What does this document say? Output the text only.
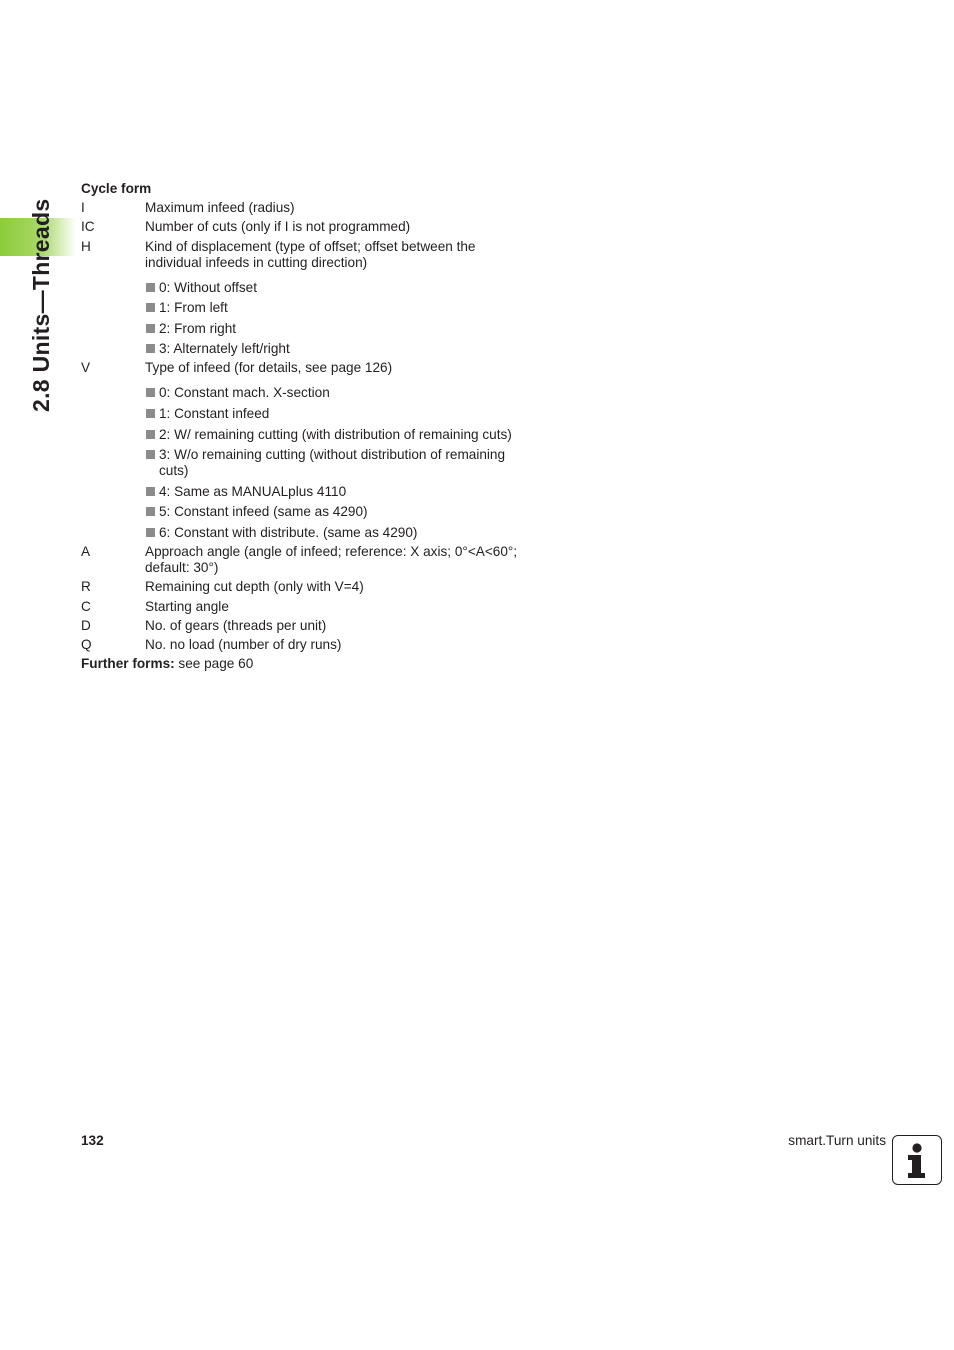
2.8 Units—Threads
Cycle form
I	Maximum infeed (radius)
IC	Number of cuts (only if I is not programmed)
H	Kind of displacement (type of offset; offset between the individual infeeds in cutting direction)
0: Without offset
1: From left
2: From right
3: Alternately left/right
V	Type of infeed (for details, see page 126)
0: Constant mach. X-section
1: Constant infeed
2: W/ remaining cutting (with distribution of remaining cuts)
3: W/o remaining cutting (without distribution of remaining cuts)
4: Same as MANUALplus 4110
5: Constant infeed (same as 4290)
6: Constant with distribute. (same as 4290)
A	Approach angle (angle of infeed; reference: X axis; 0°<A<60°; default: 30°)
R	Remaining cut depth (only with V=4)
C	Starting angle
D	No. of gears (threads per unit)
Q	No. no load (number of dry runs)
Further forms: see page 60
132	smart.Turn units
